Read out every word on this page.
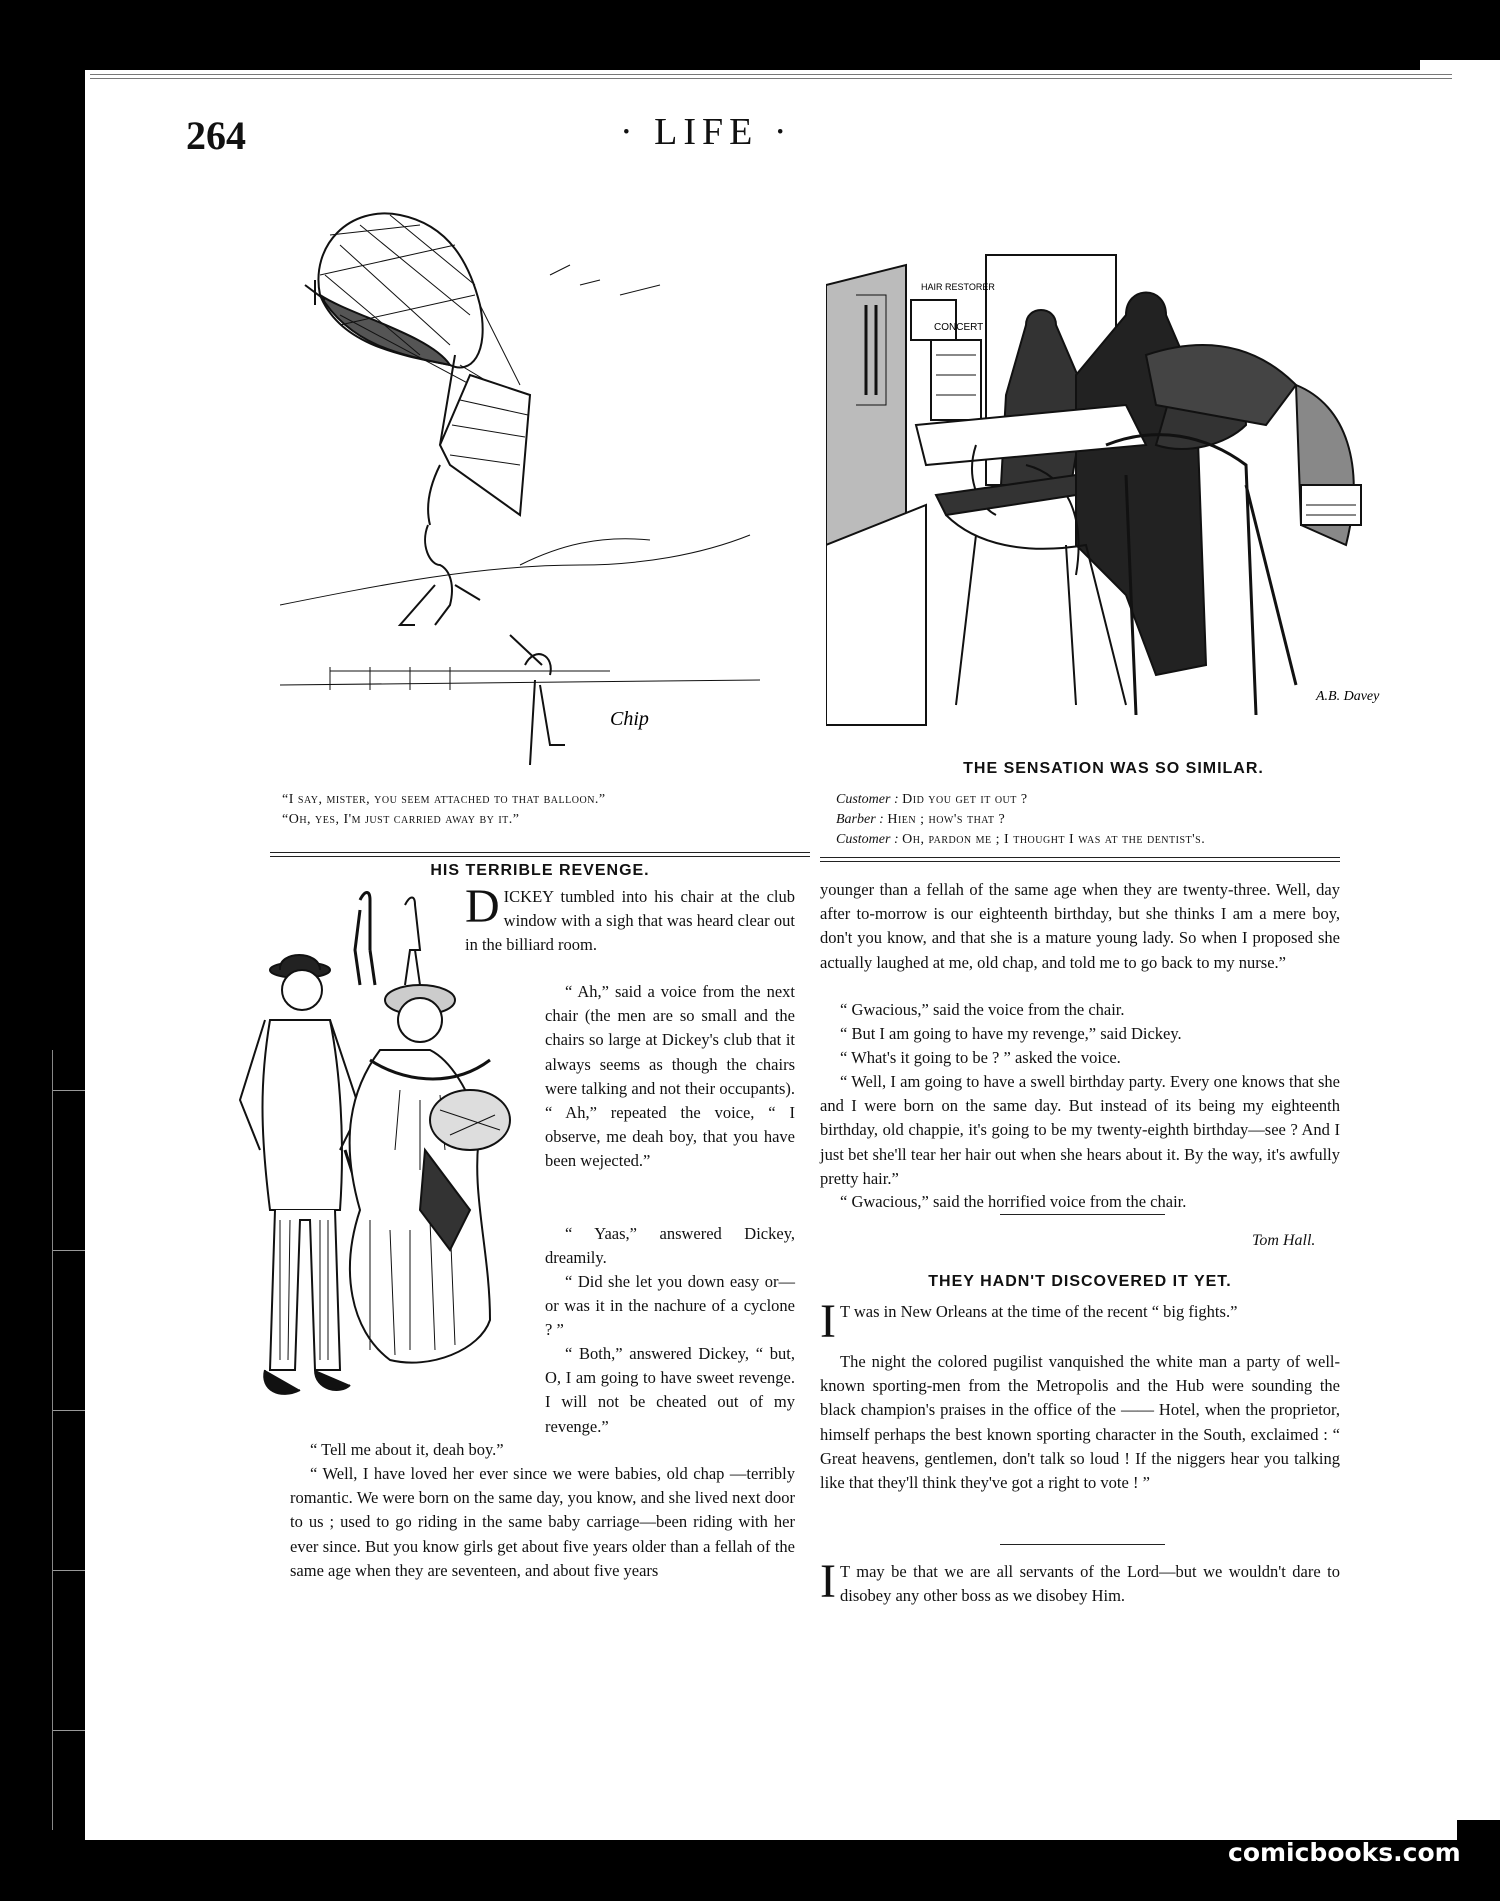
264	· LIFE ·
Chip
“I say, mister, you seem attached to that balloon.”
“Oh, yes, I'm just carried away by it.”
HAIR RESTORER
CONCERT
A.B. Davey
THE SENSATION WAS SO SIMILAR.
Customer : Did you get it out ?
Barber : Hien ; how's that ?
Customer : Oh, pardon me ; I thought I was at the dentist's.
HIS TERRIBLE REVENGE.
DICKEY tumbled into his chair at the club window with a sigh that was heard clear out in the billiard room.
“ Ah,” said a voice from the next chair (the men are so small and the chairs so large at Dickey's club that it always seems as though the chairs were talking and not their occupants). “ Ah,” repeated the voice, “ I observe, me deah boy, that you have been wejected.”
“ Yaas,” answered Dickey, dreamily.
“ Did she let you down easy or—or was it in the nachure of a cyclone ? ”
“ Both,” answered Dickey, “ but, O, I am going to have sweet revenge. I will not be cheated out of my revenge.”
“ Tell me about it, deah boy.”
“ Well, I have loved her ever since we were babies, old chap —terribly romantic. We were born on the same day, you know, and she lived next door to us ; used to go riding in the same baby carriage—been riding with her ever since. But you know girls get about five years older than a fellah of the same age when they are seventeen, and about five years
younger than a fellah of the same age when they are twenty-three. Well, day after to-morrow is our eighteenth birthday, but she thinks I am a mere boy, don't you know, and that she is a mature young lady. So when I proposed she actually laughed at me, old chap, and told me to go back to my nurse.”
“ Gwacious,” said the voice from the chair.
“ But I am going to have my revenge,” said Dickey.
“ What's it going to be ? ” asked the voice.
“ Well, I am going to have a swell birthday party. Every one knows that she and I were born on the same day. But instead of its being my eighteenth birthday, old chappie, it's going to be my twenty-eighth birthday—see ? And I just bet she'll tear her hair out when she hears about it. By the way, it's awfully pretty hair.”
“ Gwacious,” said the horrified voice from the chair.
Tom Hall.
THEY HADN'T DISCOVERED IT YET.
I T was in New Orleans at the time of the recent “ big fights.”
The night the colored pugilist vanquished the white man a party of well-known sporting-men from the Metropolis and the Hub were sounding the black champion's praises in the office of the —— Hotel, when the proprietor, himself perhaps the best known sporting character in the South, exclaimed : “ Great heavens, gentlemen, don't talk so loud ! If the niggers hear you talking like that they'll think they've got a right to vote ! ”
I T may be that we are all servants of the Lord—but we wouldn't dare to disobey any other boss as we disobey Him.
comicbooks.com
